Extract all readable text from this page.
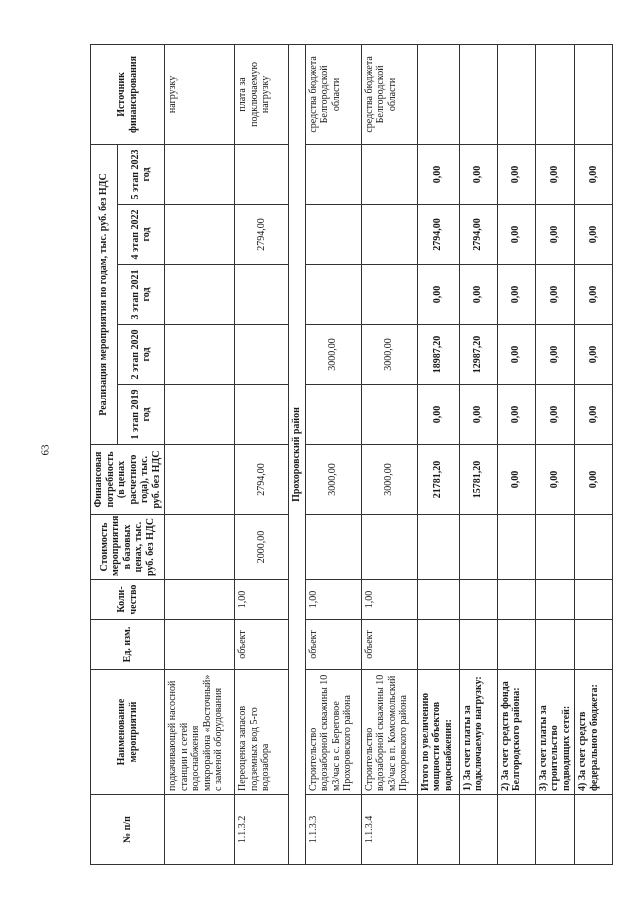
63
№ п/п	Наименование мероприятий	Ед. изм.	Коли-чество	Стоимость мероприятия в базовых ценах, тыс. руб. без НДС	Финансовая потребность (в ценах расчетного года), тыс. руб. без НДС	Реализация мероприятия по годам, тыс. руб. без НДС					Источник финансирования
						1 этап 2019 год	2 этап 2020 год	3 этап 2021 год	4 этап 2022 год	5 этап 2023 год	
	подкачивающей насосной станции и сетей водоснабжения микрорайона «Восточный» с заменой оборудования										нагрузку
1.1.3.2	Переоценка запасов подземных вод 5-го водозабора	объект	1,00	2000,00	2794,00				2794,00		плата за подключаемую нагрузку
Прохоровский район											
1.1.3.3	Строительство водозаборной скважины 10 м3/час в с. Береговое Прохоровского района	объект	1,00		3000,00		3000,00				средства бюджета Белгородской области
1.1.3.4	Строительство водозаборной скважины 10 м3/час в п. Комсомольский Прохоровского района	объект	1,00		3000,00		3000,00				средства бюджета Белгородской области
	Итого по увеличению мощности объектов водоснабжения:				21781,20	0,00	18987,20	0,00	2794,00	0,00	
	1) За счет платы за подключаемую нагрузку:				15781,20	0,00	12987,20	0,00	2794,00	0,00	
	2) За счет средств фонда Белгородского района:				0,00	0,00	0,00	0,00	0,00	0,00	
	3) За счет платы за строительство подводящих сетей:				0,00	0,00	0,00	0,00	0,00	0,00	
	4) За счет средств федерального бюджета:				0,00	0,00	0,00	0,00	0,00	0,00	
